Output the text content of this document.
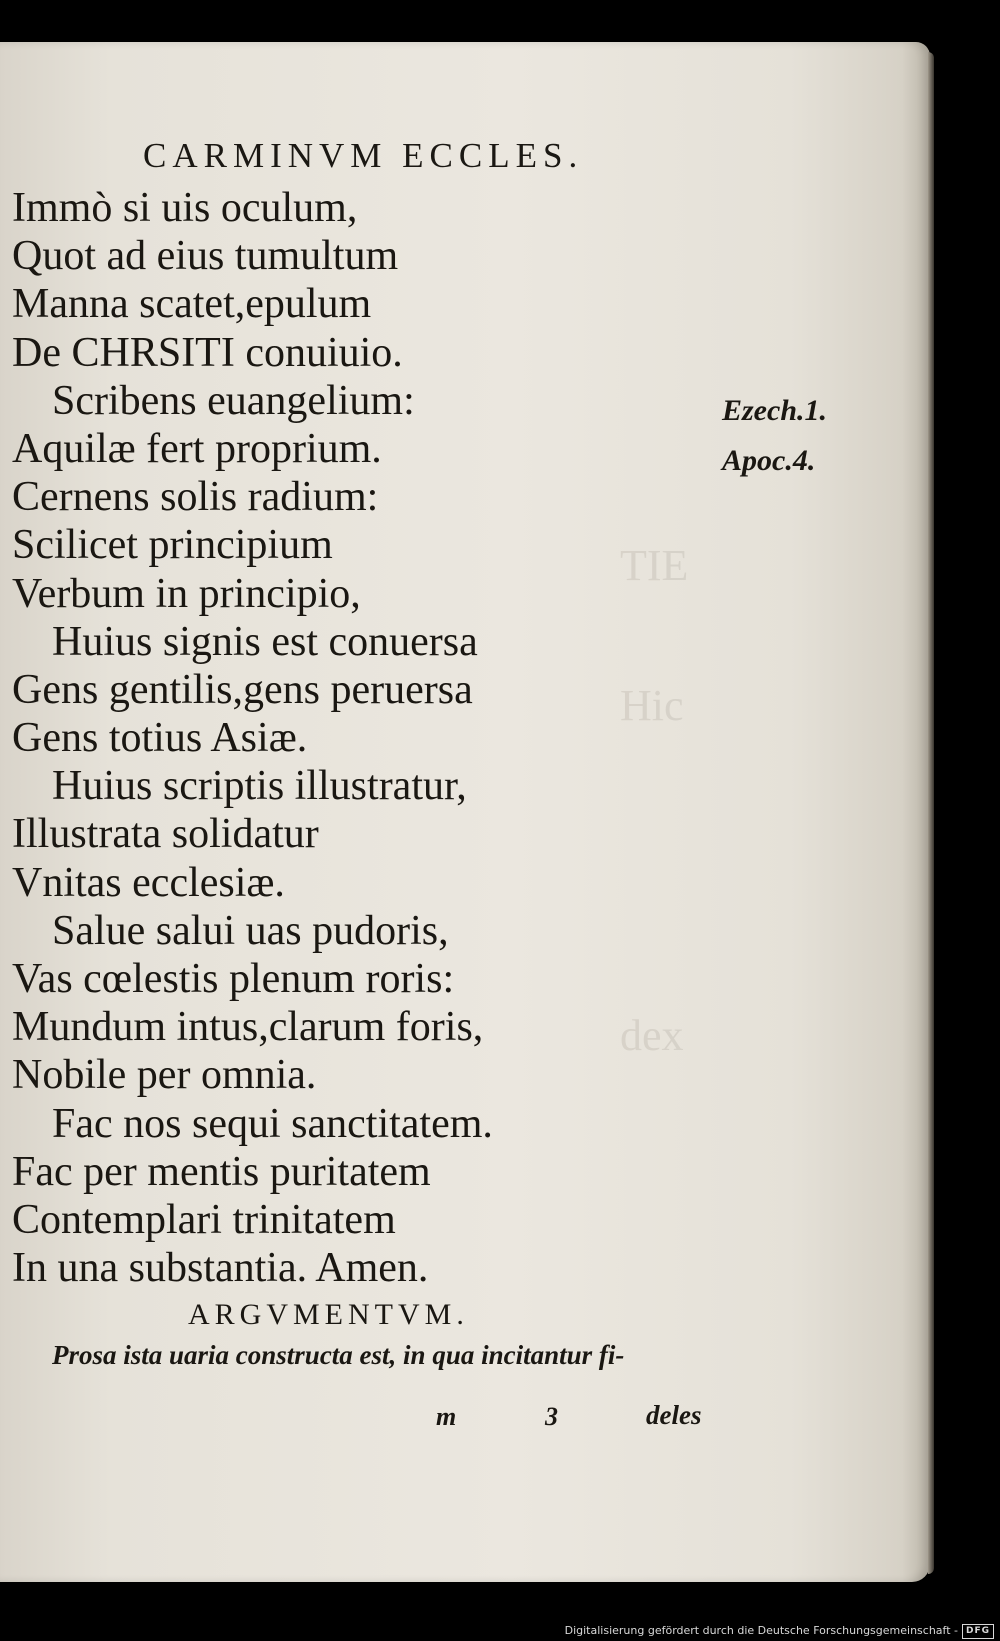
TIE
Hic
dex
CARMINVM ECCLES.
Immò si uis oculum,
Quot ad eius tumultum
Manna scatet,epulum
De CHRSITI conuiuio.
Scribens euangelium:
Aquilæ fert proprium.
Cernens solis radium:
Scilicet principium
Verbum in principio,
Huius signis est conuersa
Gens gentilis,gens peruersa
Gens totius Asiæ.
Huius scriptis illustratur,
Illustrata solidatur
Vnitas ecclesiæ.
Salue salui uas pudoris,
Vas cœlestis plenum roris:
Mundum intus,clarum foris,
Nobile per omnia.
Fac nos sequi sanctitatem.
Fac per mentis puritatem
Contemplari trinitatem
In una substantia. Amen.
Ezech.1.
Apoc.4.
ARGVMENTVM.
Prosa ista uaria constructa est, in qua incitantur fi-
m	3	deles
Digitalisierung gefördert durch die Deutsche Forschungsgemeinschaft - DFG
